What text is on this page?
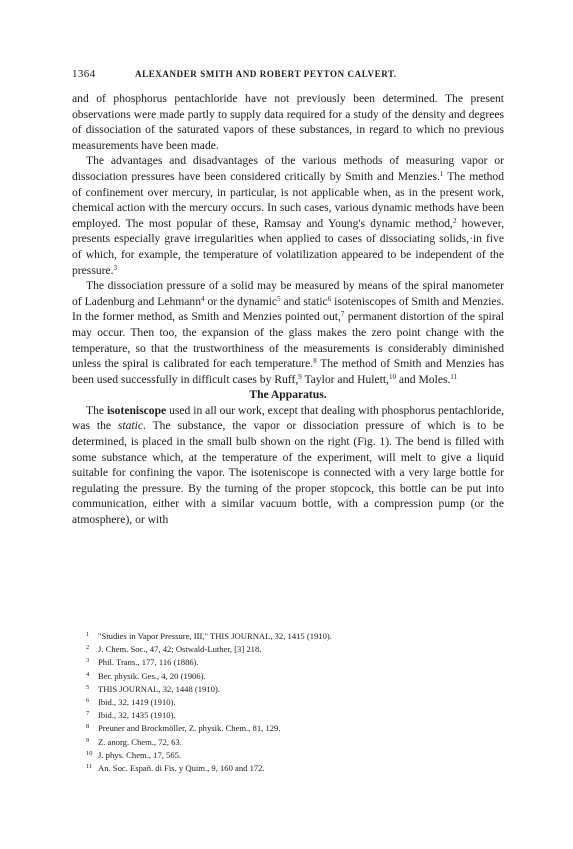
1364	ALEXANDER SMITH AND ROBERT PEYTON CALVERT.

and of phosphorus pentachloride have not previously been determined. The present observations were made partly to supply data required for a study of the density and degrees of dissociation of the saturated vapors of these substances, in regard to which no previous measurements have been made.

The advantages and disadvantages of the various methods of measuring vapor or dissociation pressures have been considered critically by Smith and Menzies.$^1$ The method of confinement over mercury, in particular, is not applicable when, as in the present work, chemical action with the mercury occurs. In such cases, various dynamic methods have been employed. The most popular of these, Ramsay and Young's dynamic method,$^2$ however, presents especially grave irregularities when applied to cases of dissociating solids,·in five of which, for example, the temperature of volatilization appeared to be independent of the pressure.$^3$

The dissociation pressure of a solid may be measured by means of the spiral manometer of Ladenburg and Lehmann$^4$ or the dynamic$^5$ and static$^6$ isoteniscopes of Smith and Menzies. In the former method, as Smith and Menzies pointed out,$^7$ permanent distortion of the spiral may occur. Then too, the expansion of the glass makes the zero point change with the temperature, so that the trustworthiness of the measurements is considerably diminished unless the spiral is calibrated for each temperature.$^8$ The method of Smith and Menzies has been used successfully in difficult cases by Ruff,$^9$ Taylor and Hulett,$^{10}$ and Moles.$^{11}$

The Apparatus.

The isoteniscope used in all our work, except that dealing with phosphorus pentachloride, was the static. The substance, the vapor or dissociation pressure of which is to be determined, is placed in the small bulb shown on the right (Fig. 1). The bend is filled with some substance which, at the temperature of the experiment, will melt to give a liquid suitable for confining the vapor. The isoteniscope is connected with a very large bottle for regulating the pressure. By the turning of the proper stopcock, this bottle can be put into communication, either with a similar vacuum bottle, with a compression pump (or the atmosphere), or with

1 "Studies in Vapor Pressure, III," THIS JOURNAL, 32, 1415 (1910).
2 J. Chem. Soc., 47, 42; Ostwald-Luther, [3] 218.
3 Phil. Trans., 177, 116 (1886).
4 Ber. physik. Ges., 4, 20 (1906).
5 THIS JOURNAL, 32, 1448 (1910).
6 Ibid., 32, 1419 (1910).
7 Ibid., 32, 1435 (1910).
8 Preuner and Brockmöller, Z. physik. Chem., 81, 129.
9 Z. anorg. Chem., 72, 63.
10 J. phys. Chem., 17, 565.
11 An. Soc. Españ. di Fis. y Quim., 9, 160 and 172.
